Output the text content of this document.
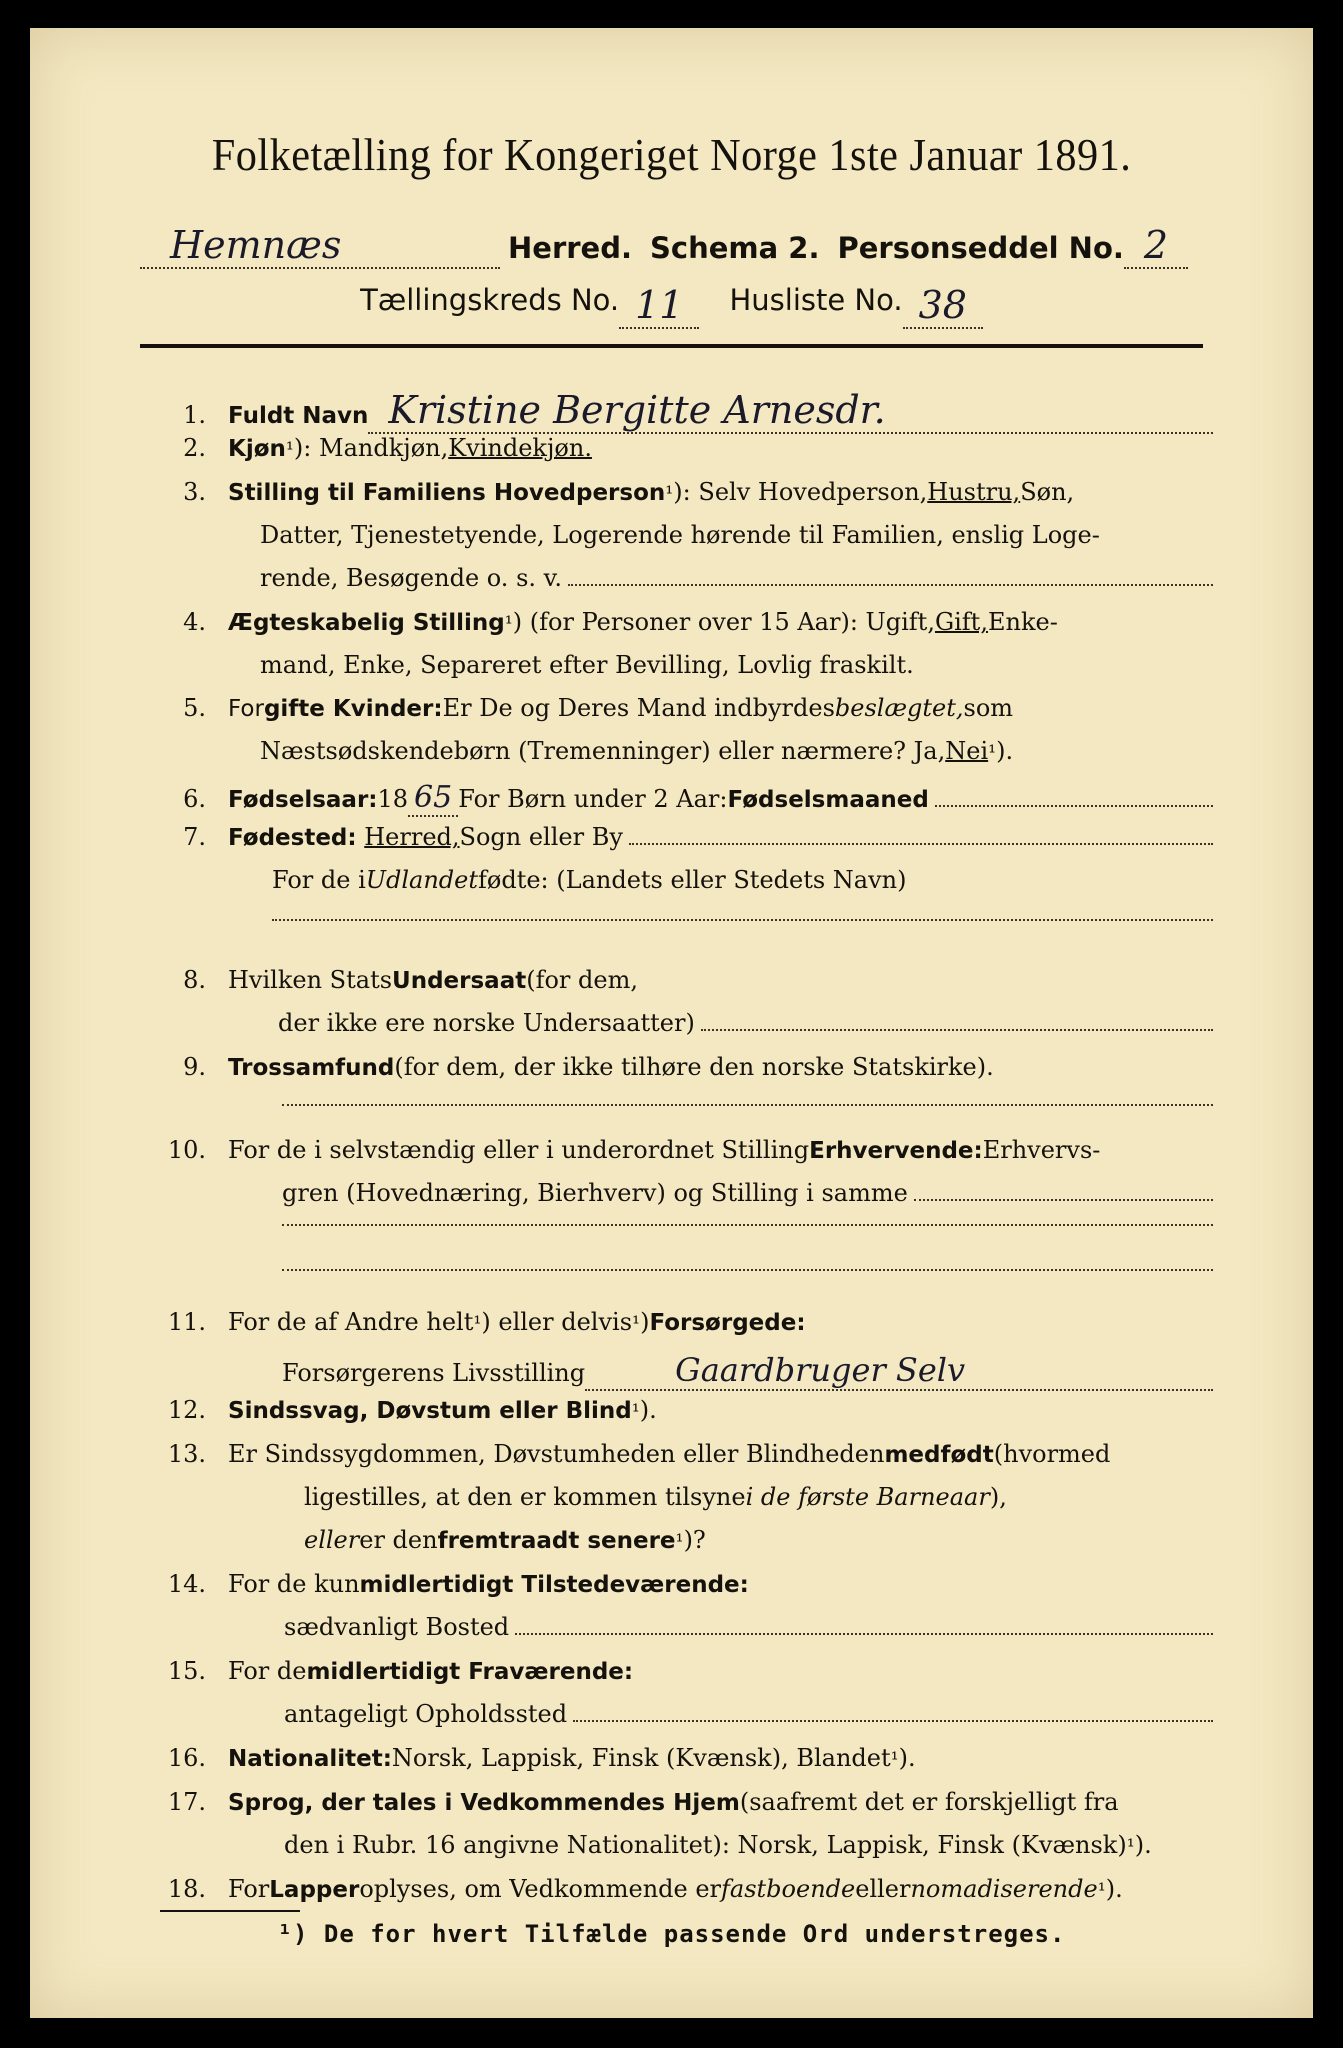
Folketælling for Kongeriget Norge 1ste Januar 1891.
Hemnæs	Herred. Schema 2. Personseddel No. 2
Tællingskreds No. 11	Husliste No. 38
1. Fuldt Navn Kristine Bergitte Arnesdr.
2. Kjøn ¹ ): Mandkjøn, Kvindekjøn.
3. Stilling til Familiens Hovedperson ¹ ): Selv Hovedperson, Hustru, Søn,
Datter, Tjenestetyende, Logerende hørende til Familien, enslig Loge-
rende, Besøgende o. s. v.
4. Ægteskabelig Stilling ¹ ) (for Personer over 15 Aar): Ugift, Gift, Enke-
mand, Enke, Separeret efter Bevilling, Lovlig fraskilt.
5. For gifte Kvinder: Er De og Deres Mand indbyrdes beslægtet, som
Næstsødskendebørn (Tremenninger) eller nærmere? Ja, Nei ¹ ).
6. Fødselsaar: 18 65 For Børn under 2 Aar: Fødselsmaaned
7. Fødested:
Herred, Sogn eller By
For de i Udlandet fødte: (Landets eller Stedets Navn)
8. Hvilken Stats Undersaat (for dem,
der ikke ere norske Undersaatter)
9. Trossamfund (for dem, der ikke tilhøre den norske Statskirke).
10. For de i selvstændig eller i underordnet Stilling Erhvervende: Erhvervs-
gren (Hovednæring, Bierhverv) og Stilling i samme
11. For de af Andre helt ¹ ) eller delvis ¹ ) Forsørgede:
Forsørgerens Livsstilling	Gaardbruger Selv
12. Sindssvag, Døvstum eller Blind ¹ ).
13. Er Sindssygdommen, Døvstumheden eller Blindheden medfødt (hvormed
ligestilles, at den er kommen tilsyne i de første Barneaar ),
eller er den fremtraadt senere ¹ )?
14. For de kun midlertidigt Tilstedeværende:
sædvanligt Bosted
15. For de midlertidigt Fraværende:
antageligt Opholdssted
16. Nationalitet: Norsk, Lappisk, Finsk (Kvænsk), Blandet ¹ ).
17. Sprog, der tales i Vedkommendes Hjem (saafremt det er forskjelligt fra
den i Rubr. 16 angivne Nationalitet): Norsk, Lappisk, Finsk (Kvænsk) ¹ ).
18. For Lapper oplyses, om Vedkommende er fastboende eller nomadiserende ¹ ).
¹) De for hvert Tilfælde passende Ord understreges.
